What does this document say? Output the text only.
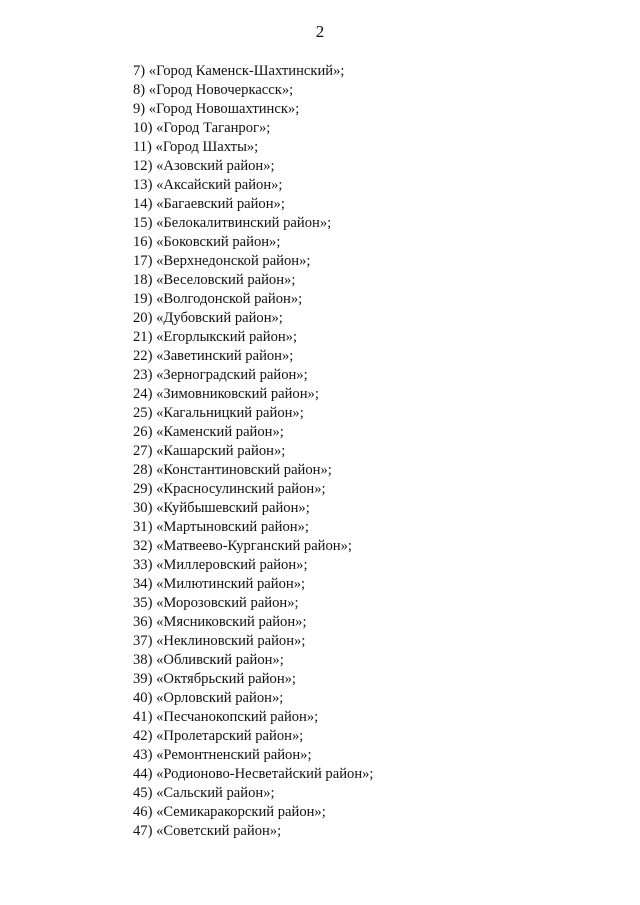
2
7) «Город Каменск-Шахтинский»;
8) «Город Новочеркасск»;
9) «Город Новошахтинск»;
10) «Город Таганрог»;
11) «Город Шахты»;
12) «Азовский район»;
13) «Аксайский район»;
14) «Багаевский район»;
15) «Белокалитвинский район»;
16) «Боковский район»;
17) «Верхнедонской район»;
18) «Веселовский район»;
19) «Волгодонской район»;
20) «Дубовский район»;
21) «Егорлыкский район»;
22) «Заветинский район»;
23) «Зерноградский район»;
24) «Зимовниковский район»;
25) «Кагальницкий район»;
26) «Каменский район»;
27) «Кашарский район»;
28) «Константиновский район»;
29) «Красносулинский район»;
30) «Куйбышевский район»;
31) «Мартыновский район»;
32) «Матвеево-Курганский район»;
33) «Миллеровский район»;
34) «Милютинский район»;
35) «Морозовский район»;
36) «Мясниковский район»;
37) «Неклиновский район»;
38) «Обливский район»;
39) «Октябрьский район»;
40) «Орловский район»;
41) «Песчанокопский район»;
42) «Пролетарский район»;
43) «Ремонтненский район»;
44) «Родионово-Несветайский район»;
45) «Сальский район»;
46) «Семикаракорский район»;
47) «Советский район»;
